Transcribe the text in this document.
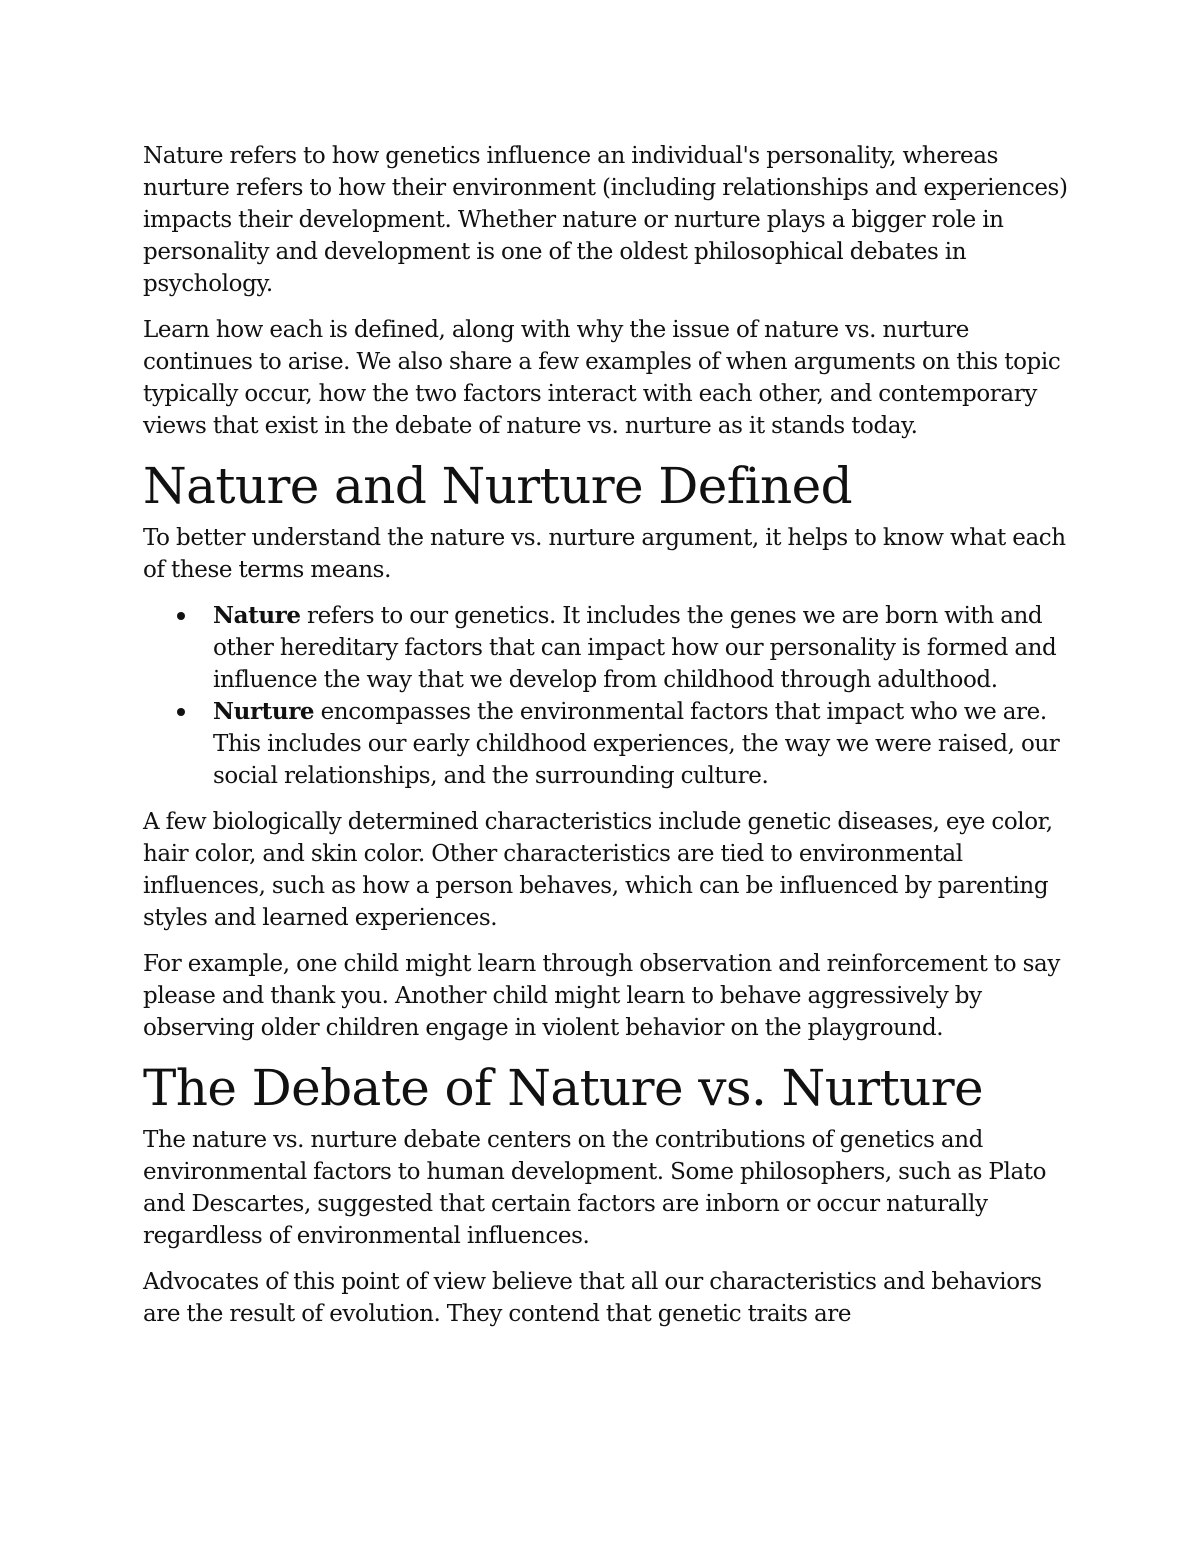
Nature refers to how genetics influence an individual's personality, whereas nurture refers to how their environment (including relationships and experiences) impacts their development. Whether nature or nurture plays a bigger role in personality and development is one of the oldest philosophical debates in psychology.

Learn how each is defined, along with why the issue of nature vs. nurture continues to arise. We also share a few examples of when arguments on this topic typically occur, how the two factors interact with each other, and contemporary views that exist in the debate of nature vs. nurture as it stands today.

Nature and Nurture Defined

To better understand the nature vs. nurture argument, it helps to know what each of these terms means.

Nature refers to our genetics. It includes the genes we are born with and other hereditary factors that can impact how our personality is formed and influence the way that we develop from childhood through adulthood.
Nurture encompasses the environmental factors that impact who we are. This includes our early childhood experiences, the way we were raised, our social relationships, and the surrounding culture.

A few biologically determined characteristics include genetic diseases, eye color, hair color, and skin color. Other characteristics are tied to environmental influences, such as how a person behaves, which can be influenced by parenting styles and learned experiences.

For example, one child might learn through observation and reinforcement to say please and thank you. Another child might learn to behave aggressively by observing older children engage in violent behavior on the playground.

The Debate of Nature vs. Nurture

The nature vs. nurture debate centers on the contributions of genetics and environmental factors to human development. Some philosophers, such as Plato and Descartes, suggested that certain factors are inborn or occur naturally regardless of environmental influences.

Advocates of this point of view believe that all our characteristics and behaviors are the result of evolution. They contend that genetic traits are
